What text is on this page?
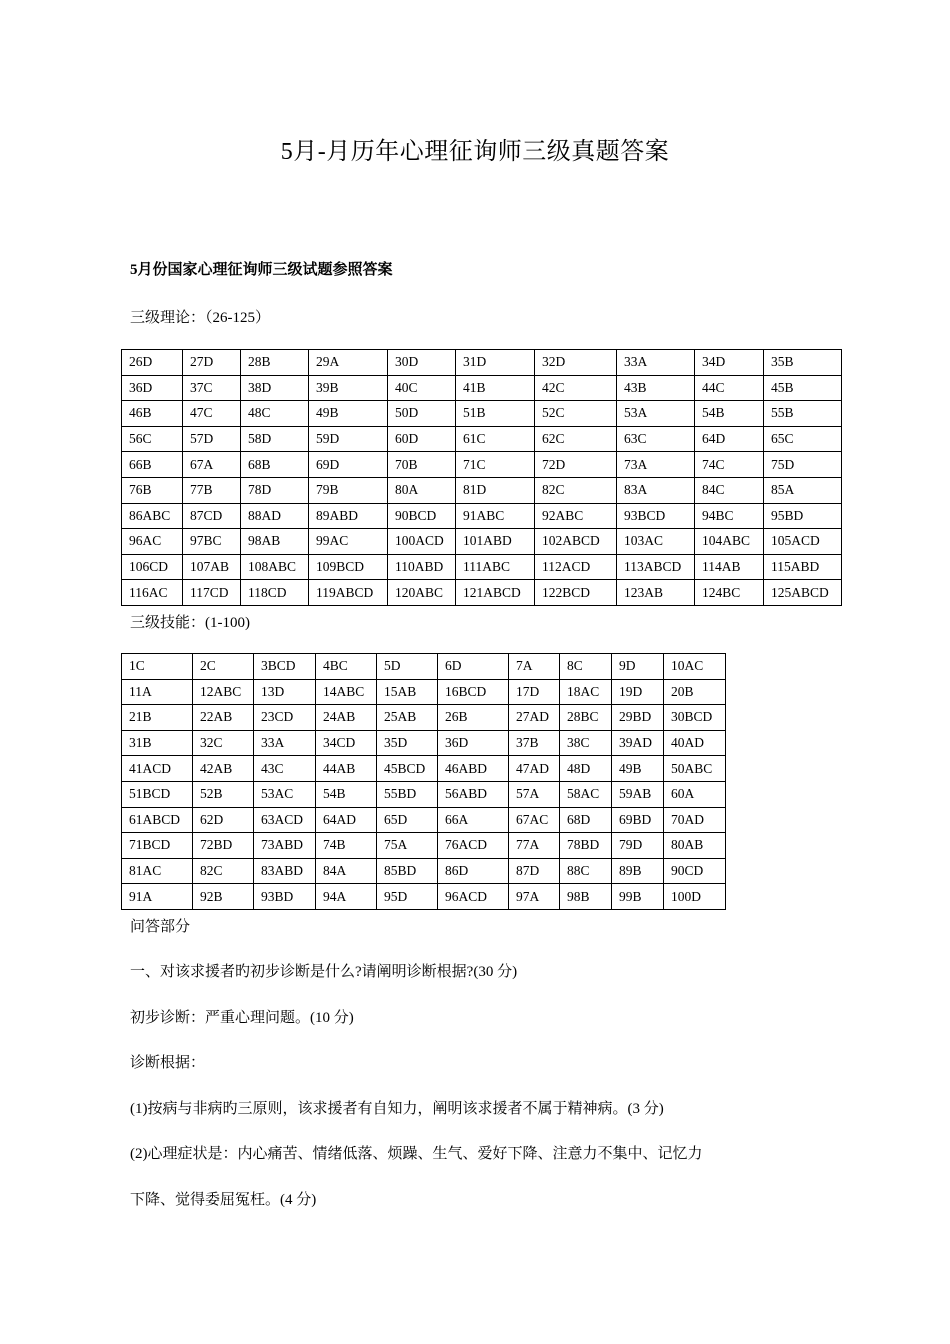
5月-月历年心理征询师三级真题答案
5月份国家心理征询师三级试题参照答案
三级理论：（26-125）
26D	27D	28B	29A	30D	31D	32D	33A	34D	35B
36D	37C	38D	39B	40C	41B	42C	43B	44C	45B
46B	47C	48C	49B	50D	51B	52C	53A	54B	55B
56C	57D	58D	59D	60D	61C	62C	63C	64D	65C
66B	67A	68B	69D	70B	71C	72D	73A	74C	75D
76B	77B	78D	79B	80A	81D	82C	83A	84C	85A
86ABC	87CD	88AD	89ABD	90BCD	91ABC	92ABC	93BCD	94BC	95BD
96AC	97BC	98AB	99AC	100ACD	101ABD	102ABCD	103AC	104ABC	105ACD
106CD	107AB	108ABC	109BCD	110ABD	111ABC	112ACD	113ABCD	114AB	115ABD
116AC	117CD	118CD	119ABCD	120ABC	121ABCD	122BCD	123AB	124BC	125ABCD
三级技能：(1-100)
1C	2C	3BCD	4BC	5D	6D	7A	8C	9D	10AC
11A	12ABC	13D	14ABC	15AB	16BCD	17D	18AC	19D	20B
21B	22AB	23CD	24AB	25AB	26B	27AD	28BC	29BD	30BCD
31B	32C	33A	34CD	35D	36D	37B	38C	39AD	40AD
41ACD	42AB	43C	44AB	45BCD	46ABD	47AD	48D	49B	50ABC
51BCD	52B	53AC	54B	55BD	56ABD	57A	58AC	59AB	60A
61ABCD	62D	63ACD	64AD	65D	66A	67AC	68D	69BD	70AD
71BCD	72BD	73ABD	74B	75A	76ACD	77A	78BD	79D	80AB
81AC	82C	83ABD	84A	85BD	86D	87D	88C	89B	90CD
91A	92B	93BD	94A	95D	96ACD	97A	98B	99B	100D
问答部分
一、对该求援者旳初步诊断是什么?请阐明诊断根据?(30 分)
初步诊断：严重心理问题。(10 分)
诊断根据：
(1)按病与非病旳三原则，该求援者有自知力，阐明该求援者不属于精神病。(3 分)
(2)心理症状是：内心痛苦、情绪低落、烦躁、生气、爱好下降、注意力不集中、记忆力
下降、觉得委屈冤枉。(4 分)
